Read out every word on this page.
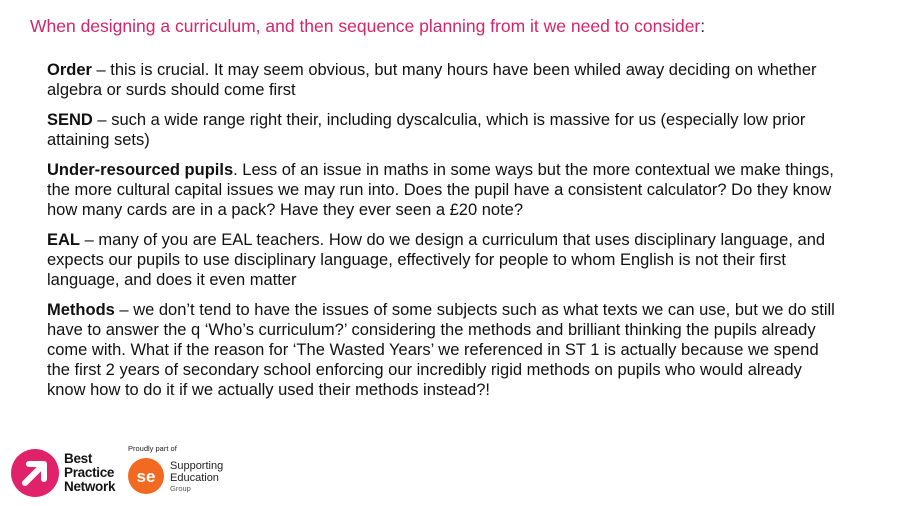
When designing a curriculum, and then sequence planning from it we need to consider:

Order – this is crucial. It may seem obvious, but many hours have been whiled away deciding on whether algebra or surds should come first

SEND – such a wide range right their, including dyscalculia, which is massive for us (especially low prior attaining sets)

Under-resourced pupils. Less of an issue in maths in some ways but the more contextual we make things, the more cultural capital issues we may run into. Does the pupil have a consistent calculator? Do they know how many cards are in a pack? Have they ever seen a £20 note?

EAL – many of you are EAL teachers. How do we design a curriculum that uses disciplinary language, and expects our pupils to use disciplinary language, effectively for people to whom English is not their first language, and does it even matter

Methods – we don’t tend to have the issues of some subjects such as what texts we can use, but we do still have to answer the q ‘Who’s curriculum?’ considering the methods and brilliant thinking the pupils already come with. What if the reason for ‘The Wasted Years’ we referenced in ST 1 is actually because we spend the first 2 years of secondary school enforcing our incredibly rigid methods on pupils who would already know how to do it if we actually used their methods instead?!

Best
Practice
Network
Proudly part of
se
Supporting
Education
Group
